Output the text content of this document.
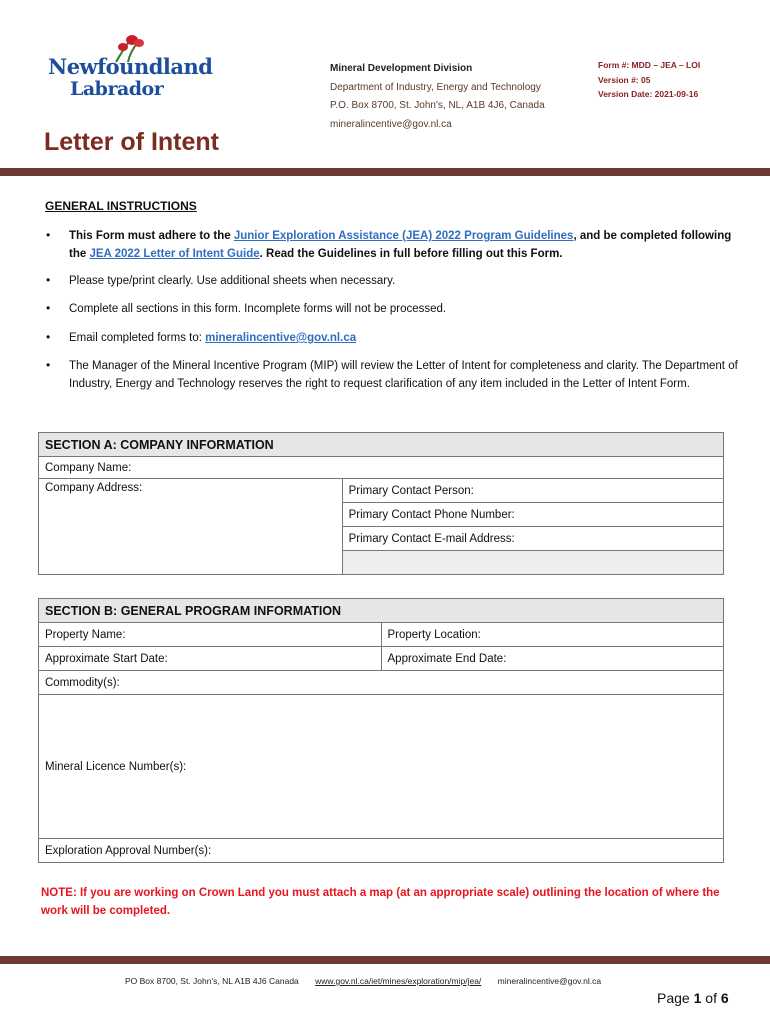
Newfoundland
Labrador
Mineral Development Division
Department of Industry, Energy and Technology
P.O. Box 8700, St. John's, NL, A1B 4J6, Canada
mineralincentive@gov.nl.ca
Form #: MDD – JEA – LOI
Version #: 05
Version Date: 2021-09-16
Letter of Intent
GENERAL INSTRUCTIONS
• This Form must adhere to the Junior Exploration Assistance (JEA) 2022 Program Guidelines, and be completed following the JEA 2022 Letter of Intent Guide. Read the Guidelines in full before filling out this Form.
• Please type/print clearly. Use additional sheets when necessary.
• Complete all sections in this form. Incomplete forms will not be processed.
• Email completed forms to: mineralincentive@gov.nl.ca
• The Manager of the Mineral Incentive Program (MIP) will review the Letter of Intent for completeness and clarity. The Department of Industry, Energy and Technology reserves the right to request clarification of any item included in the Letter of Intent Form.
SECTION A: COMPANY INFORMATION
Company Name:
Company Address:	Primary Contact Person:
Primary Contact Phone Number:
Primary Contact E-mail Address:

SECTION B: GENERAL PROGRAM INFORMATION	
Property Name:	Property Location:
Approximate Start Date:	Approximate End Date:
Commodity(s):	
Mineral Licence Number(s):	
Exploration Approval Number(s):	
NOTE: If you are working on Crown Land you must attach a map (at an appropriate scale) outlining the location of where the work will be completed.
PO Box 8700, St. John's, NL A1B 4J6 Canada www.gov.nl.ca/iet/mines/exploration/mip/jea/ mineralincentive@gov.nl.ca
Page 1 of 6
